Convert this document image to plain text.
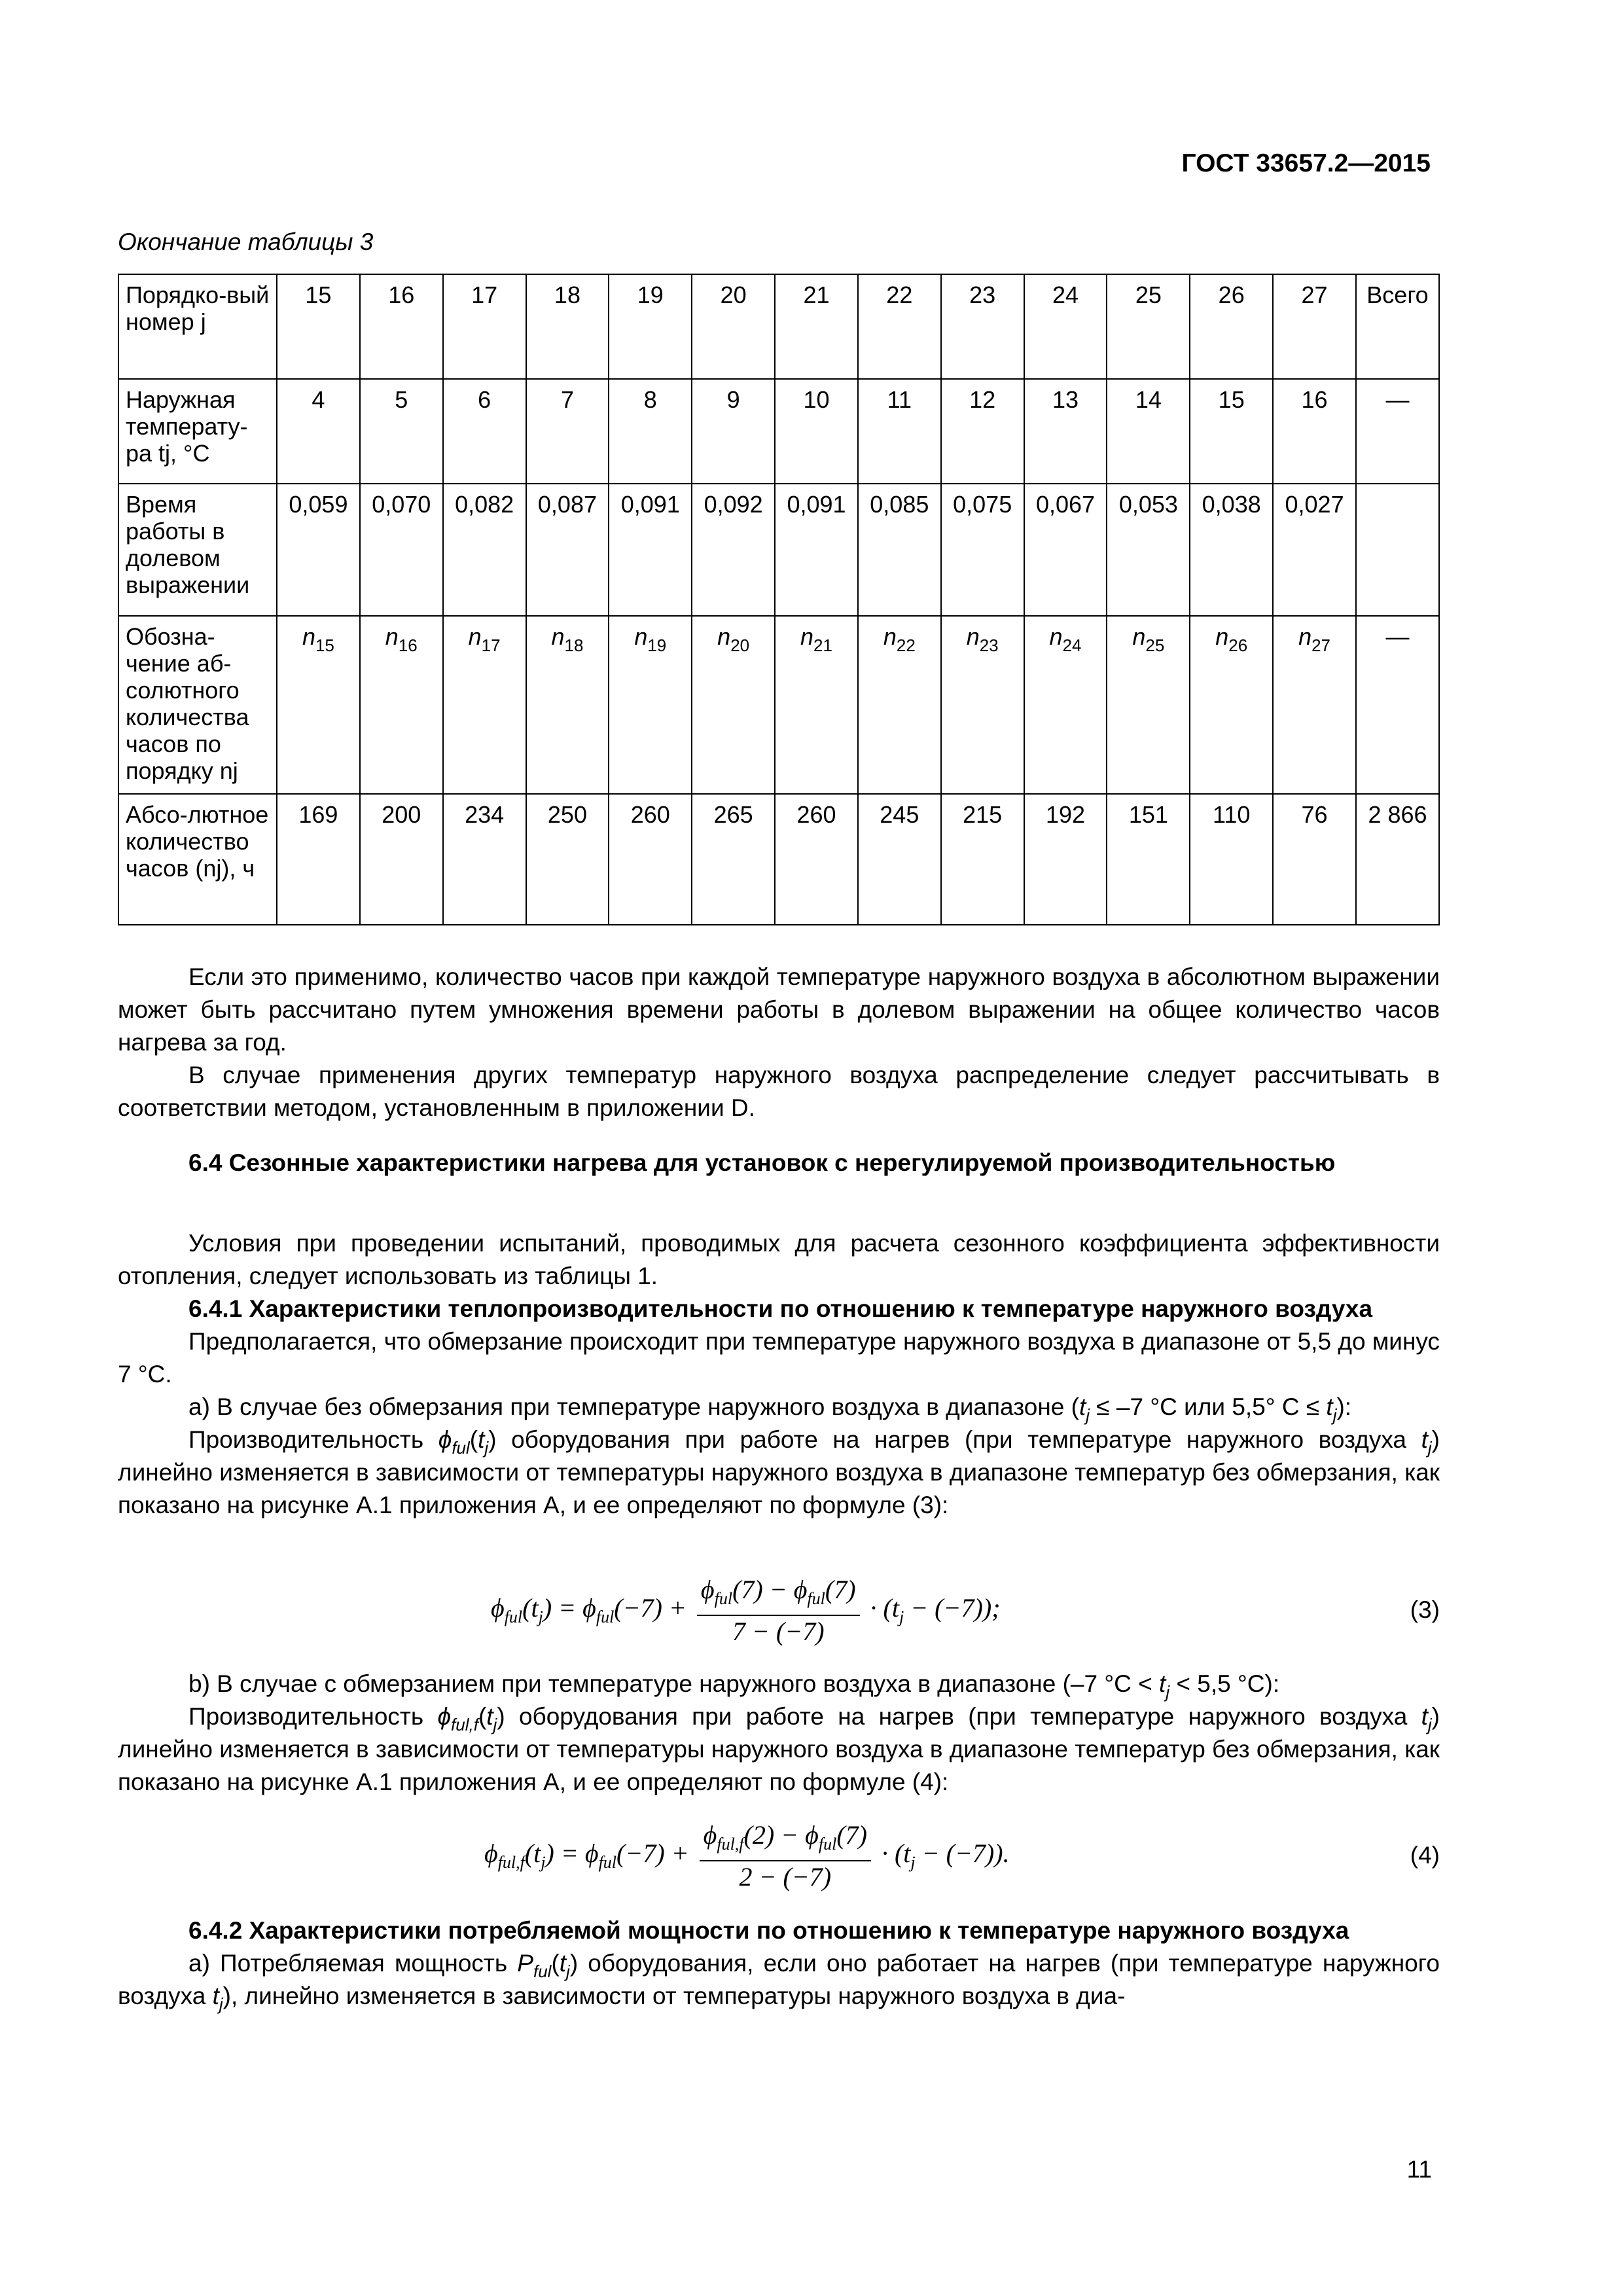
ГОСТ 33657.2—2015
Окончание таблицы 3
Порядко-вый номер j	15	16	17	18	19	20	21	22	23	24	25	26	27	Всего
Наружная температу-ра tj, °С	4	5	6	7	8	9	10	11	12	13	14	15	16	—
Время работы в долевом выражении	0,059	0,070	0,082	0,087	0,091	0,092	0,091	0,085	0,075	0,067	0,053	0,038	0,027	
Обозна-чение аб-солютного количества часов по порядку nj	$n_{15}$	$n_{16}$	$n_{17}$	$n_{18}$	$n_{19}$	$n_{20}$	$n_{21}$	$n_{22}$	$n_{23}$	$n_{24}$	$n_{25}$	$n_{26}$	$n_{27}$	—
Абсо-лютное количество часов (nj), ч	169	200	234	250	260	265	260	245	215	192	151	110	76	2 866

Если это применимо, количество часов при каждой температуре наружного воздуха в абсолютном выражении может быть рассчитано путем умножения времени работы в долевом выражении на общее количество часов нагрева за год.

В случае применения других температур наружного воздуха распределение следует рассчитывать в соответствии методом, установленным в приложении D.

6.4 Сезонные характеристики нагрева для установок с нерегулируемой производительностью

Условия при проведении испытаний, проводимых для расчета сезонного коэффициента эффективности отопления, следует использовать из таблицы 1.

6.4.1 Характеристики теплопроизводительности по отношению к температуре наружного воздуха

Предполагается, что обмерзание происходит при температуре наружного воздуха в диапазоне от 5,5 до минус 7 °С.

а) В случае без обмерзания при температуре наружного воздуха в диапазоне ($t_j \le -7$ °С или 5,5° $С \le t_j$):

Производительность $\phi_{ful}(t_j)$ оборудования при работе на нагрев (при температуре наружного воздуха $t_j$) линейно изменяется в зависимости от температуры наружного воздуха в диапазоне температур без обмерзания, как показано на рисунке А.1 приложения А, и ее определяют по формуле (3):

$\phi_{ful}(t_j) = \phi_{ful}(-7) + \frac{\phi_{ful}(7) - \phi_{ful}(7)}{7 - (-7)} \cdot (t_j - (-7))$;	(3)

b) В случае с обмерзанием при температуре наружного воздуха в диапазоне (–7 $^\circ С < t_j < 5,5$ °С):

Производительность $\phi_{ful,f}(t_j)$ оборудования при работе на нагрев (при температуре наружного воздуха $t_j$) линейно изменяется в зависимости от температуры наружного воздуха в диапазоне температур без обмерзания, как показано на рисунке А.1 приложения А, и ее определяют по формуле (4):

$\phi_{ful,f}(t_j) = \phi_{ful}(-7) + \frac{\phi_{ful,f}(2) - \phi_{ful}(7)}{2 - (-7)} \cdot (t_j - (-7))$.	(4)

6.4.2 Характеристики потребляемой мощности по отношению к температуре наружного воздуха

а) Потребляемая мощность $P_{ful}(t_j)$ оборудования, если оно работает на нагрев (при температуре наружного воздуха $t_j$), линейно изменяется в зависимости от температуры наружного воздуха в диа-

11
